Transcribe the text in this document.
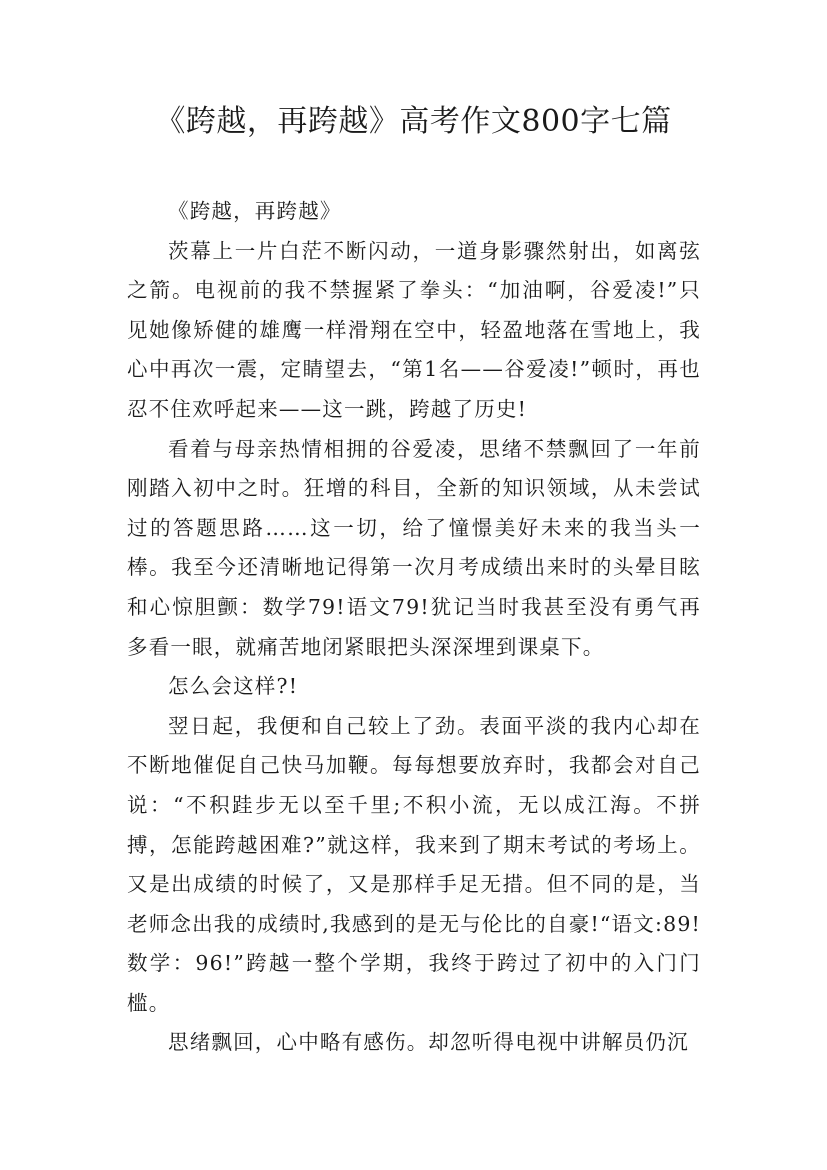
《跨越，再跨越》高考作文800字七篇

《跨越，再跨越》

茨幕上一片白茫不断闪动，一道身影骤然射出，如离弦之箭。电视前的我不禁握紧了拳头：“加油啊，谷爱凌!”只见她像矫健的雄鹰一样滑翔在空中，轻盈地落在雪地上，我心中再次一震，定睛望去，“第1名——谷爱凌!”顿时，再也忍不住欢呼起来——这一跳，跨越了历史!

看着与母亲热情相拥的谷爱凌，思绪不禁飘回了一年前刚踏入初中之时。狂增的科目，全新的知识领域，从未尝试过的答题思路……这一切，给了憧憬美好未来的我当头一棒。我至今还清晰地记得第一次月考成绩出来时的头晕目眩和心惊胆颤：数学79!语文79!犹记当时我甚至没有勇气再多看一眼，就痛苦地闭紧眼把头深深埋到课桌下。

怎么会这样?!

翌日起，我便和自己较上了劲。表面平淡的我内心却在不断地催促自己快马加鞭。每每想要放弃时，我都会对自己说：“不积跬步无以至千里;不积小流，无以成江海。不拼搏，怎能跨越困难?”就这样，我来到了期末考试的考场上。又是出成绩的时候了，又是那样手足无措。但不同的是，当老师念出我的成绩时,我感到的是无与伦比的自豪!“语文:89!数学：96!”跨越一整个学期，我终于跨过了初中的入门门槛。

思绪飘回，心中略有感伤。却忽听得电视中讲解员仍沉
